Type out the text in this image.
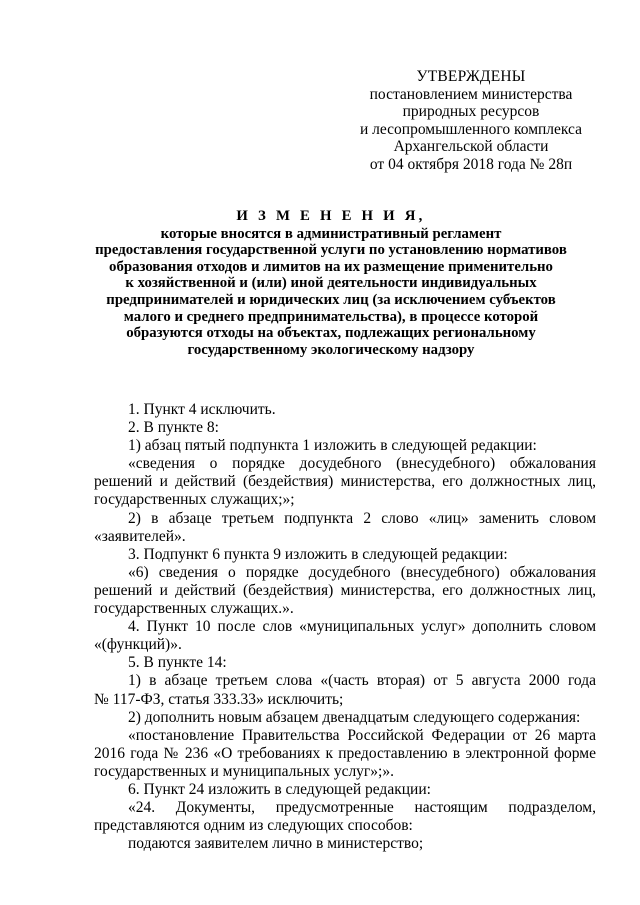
УТВЕРЖДЕНЫ
постановлением министерства
природных ресурсов
и лесопромышленного комплекса
Архангельской области
от 04 октября 2018 года № 28п
И З М Е Н Е Н И Я,
которые вносятся в административный регламент
предоставления государственной услуги по установлению нормативов
образования отходов и лимитов на их размещение применительно
к хозяйственной и (или) иной деятельности индивидуальных
предпринимателей и юридических лиц (за исключением субъектов
малого и среднего предпринимательства), в процессе которой
образуются отходы на объектах, подлежащих региональному
государственному экологическому надзору
1. Пункт 4 исключить.
2. В пункте 8:
1) абзац пятый подпункта 1 изложить в следующей редакции:
«сведения о порядке досудебного (внесудебного) обжалования
решений и действий (бездействия) министерства, его должностных лиц,
государственных служащих;»;
2) в абзаце третьем подпункта 2 слово «лиц» заменить словом
«заявителей».
3. Подпункт 6 пункта 9 изложить в следующей редакции:
«6) сведения о порядке досудебного (внесудебного) обжалования
решений и действий (бездействия) министерства, его должностных лиц,
государственных служащих.».
4. Пункт 10 после слов «муниципальных услуг» дополнить словом
«(функций)».
5. В пункте 14:
1) в абзаце третьем слова «(часть вторая) от 5 августа 2000 года
№ 117-ФЗ, статья 333.33» исключить;
2) дополнить новым абзацем двенадцатым следующего содержания:
«постановление Правительства Российской Федерации от 26 марта
2016 года № 236 «О требованиях к предоставлению в электронной форме
государственных и муниципальных услуг»;».
6. Пункт 24 изложить в следующей редакции:
«24. Документы, предусмотренные настоящим подразделом,
представляются одним из следующих способов:
подаются заявителем лично в министерство;
